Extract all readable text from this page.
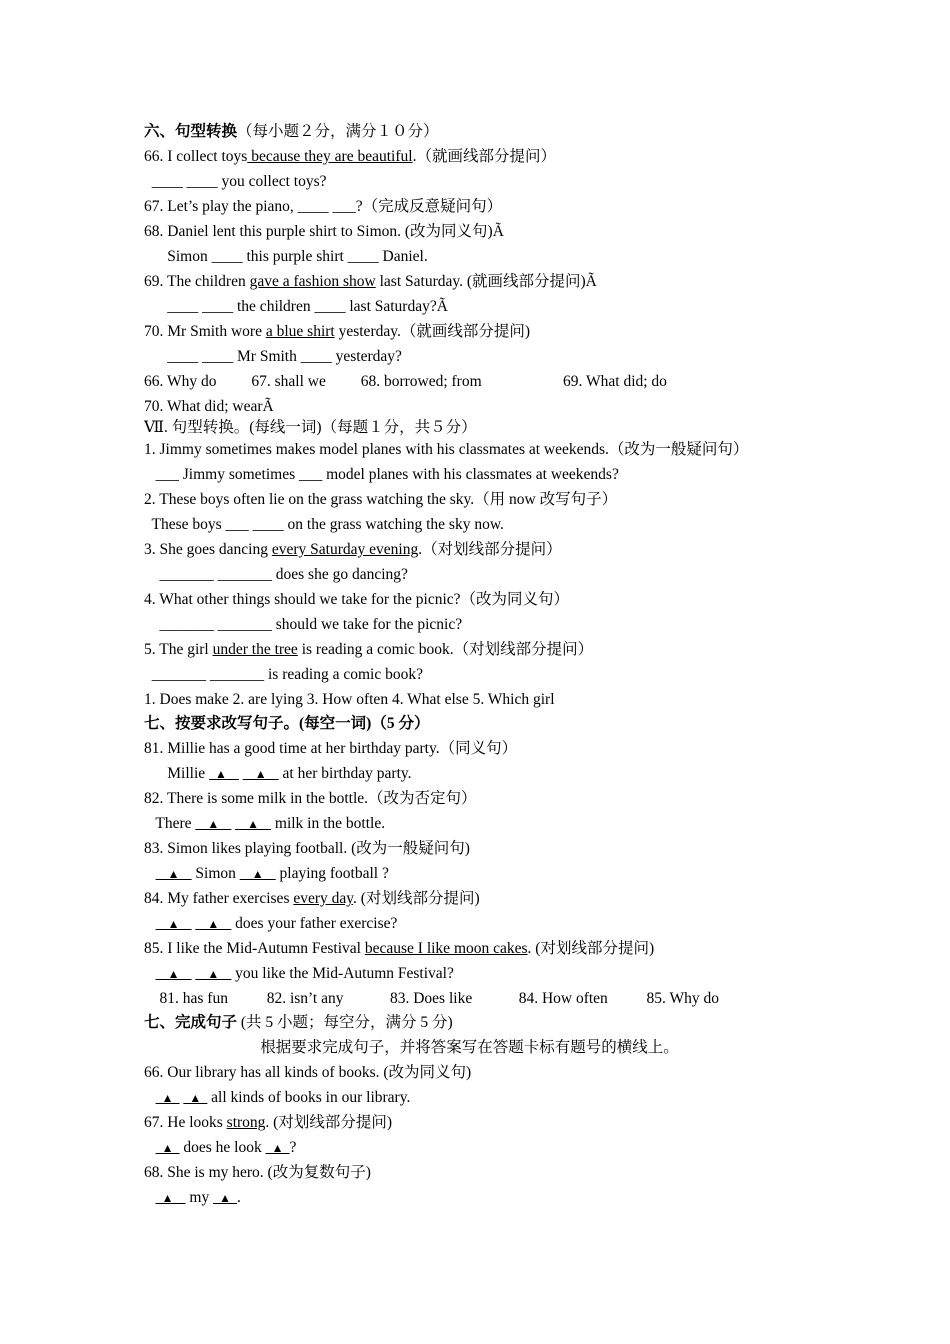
六、句型转换（每小题２分，满分１０分）
66. I collect toys because they are beautiful.（就画线部分提问）
____ ____ you collect toys?
67. Let’s play the piano, ____ ___?（完成反意疑问句）
68. Daniel lent this purple shirt to Simon. (改为同义句)Ã
Simon ____ this purple shirt ____ Daniel.
69. The children gave a fashion show last Saturday. (就画线部分提问)Ã
____ ____ the children ____ last Saturday?Ã
70. Mr Smith wore a blue shirt yesterday.（就画线部分提问)
____ ____ Mr Smith ____ yesterday?
66. Why do         67. shall we         68. borrowed; from                     69. What did; do
70. What did; wearÃ
Ⅶ. 句型转换。(每线一词)（每题１分，共５分）
1. Jimmy sometimes makes model planes with his classmates at weekends.（改为一般疑问句）
___ Jimmy sometimes ___ model planes with his classmates at weekends?
2. These boys often lie on the grass watching the sky.（用 now 改写句子）
These boys ___ ____ on the grass watching the sky now.
3. She goes dancing every Saturday evening.（对划线部分提问）
_______ _______ does she go dancing?
4. What other things should we take for the picnic?（改为同义句）
_______ _______ should we take for the picnic?
5. The girl under the tree is reading a comic book.（对划线部分提问）
_______ _______ is reading a comic book?
1. Does make 2. are lying 3. How often 4. What else 5. Which girl
七、按要求改写句子。(每空一词)（5 分）
81. Millie has a good time at her birthday party.（同义句）
Millie _▲__ __▲__ at her birthday party.
82. There is some milk in the bottle.（改为否定句）
There __▲__ __▲__ milk in the bottle.
83. Simon likes playing football. (改为一般疑问句)
__▲__ Simon __▲__ playing football ?
84. My father exercises every day. (对划线部分提问)
__▲__ __▲__ does your father exercise?
85. I like the Mid-Autumn Festival because I like moon cakes. (对划线部分提问)
__▲__ __▲__ you like the Mid-Autumn Festival?
81. has fun          82. isn’t any            83. Does like            84. How often          85. Why do
七、完成句子 (共 5 小题；每空分，满分 5 分)
根据要求完成句子，并将答案写在答题卡标有题号的横线上。
66. Our library has all kinds of books. (改为同义句)
_▲_ _▲_ all kinds of books in our library.
67. He looks strong. (对划线部分提问)
_▲_ does he look _▲_?
68. She is my hero. (改为复数句子)
_▲__ my _▲_.
